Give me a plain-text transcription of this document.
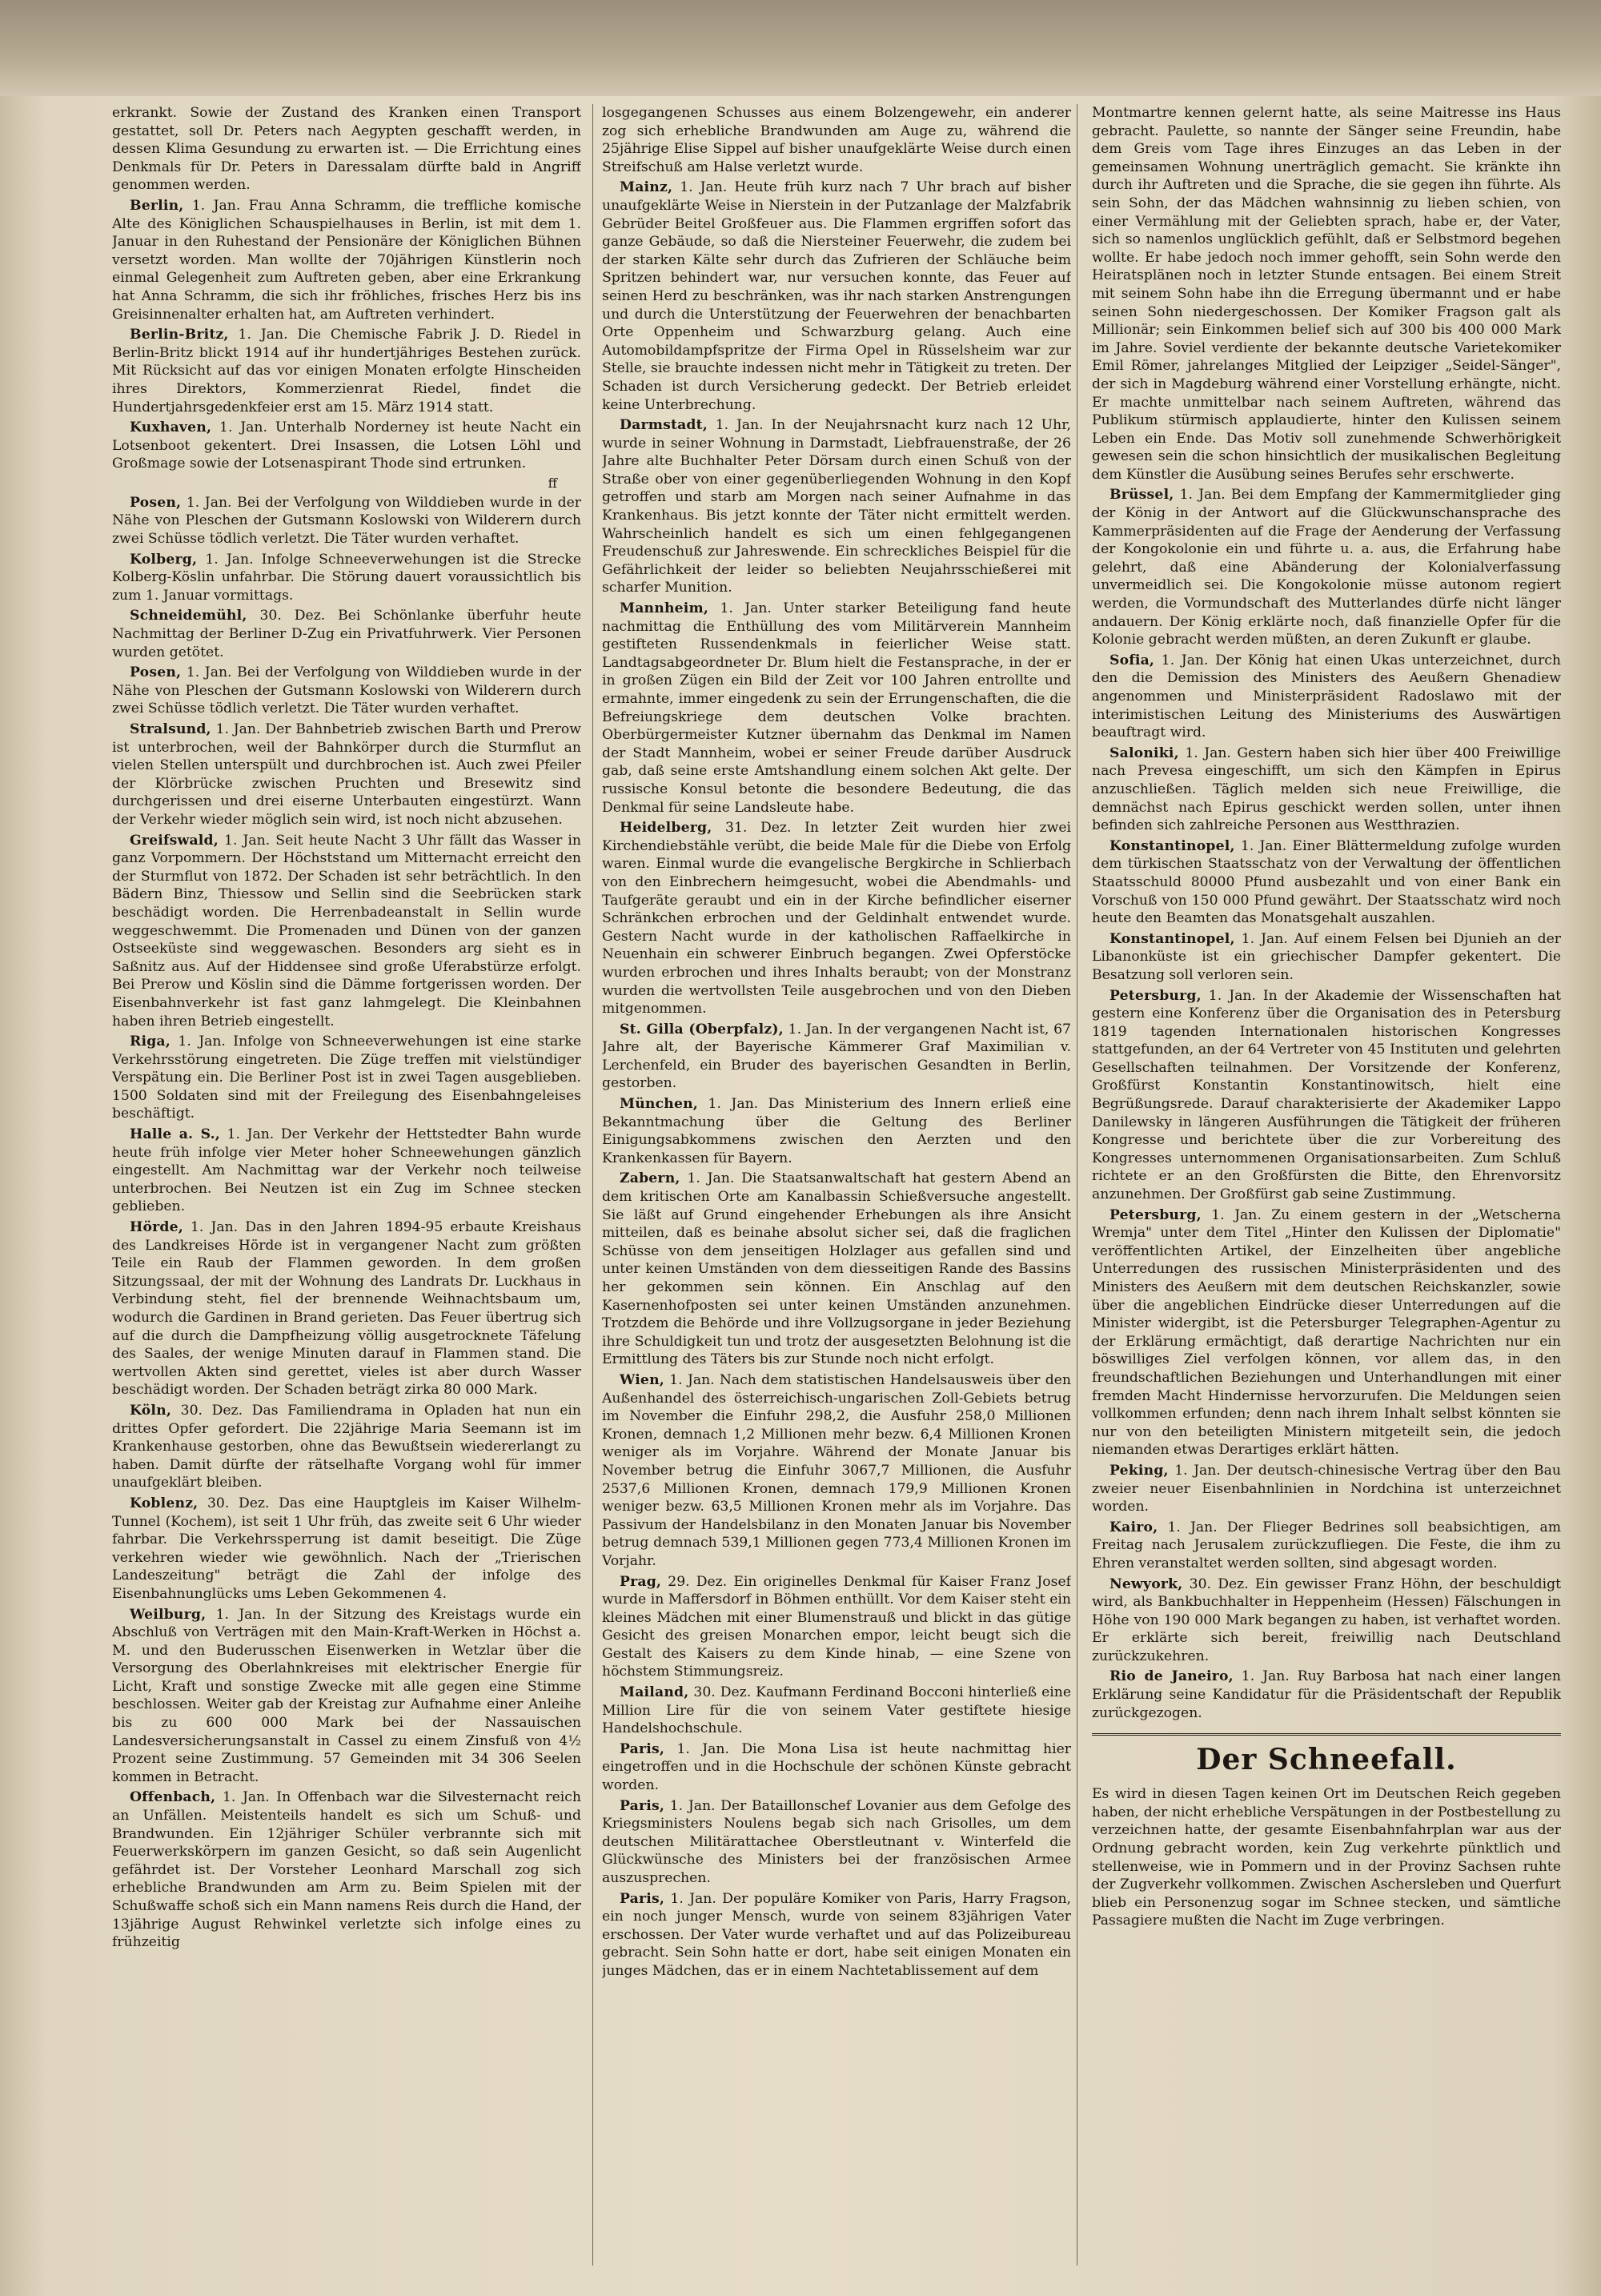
erkrankt. Sowie der Zustand des Kranken einen Transport gestattet, soll Dr. Peters nach Aegypten geschafft werden, in dessen Klima Gesundung zu erwarten ist. — Die Errichtung eines Denkmals für Dr. Peters in Daressalam dürfte bald in Angriff genommen werden.

Berlin, 1. Jan. Frau Anna Schramm, die treffliche komische Alte des Königlichen Schauspielhauses in Berlin, ist mit dem 1. Januar in den Ruhestand der Pensionäre der Königlichen Bühnen versetzt worden. Man wollte der 70jährigen Künstlerin noch einmal Gelegenheit zum Auftreten geben, aber eine Erkrankung hat Anna Schramm, die sich ihr fröhliches, frisches Herz bis ins Greisinnenalter erhalten hat, am Auftreten verhindert.

Berlin-Britz, 1. Jan. Die Chemische Fabrik J. D. Riedel in Berlin-Britz blickt 1914 auf ihr hundertjähriges Bestehen zurück. Mit Rücksicht auf das vor einigen Monaten erfolgte Hinscheiden ihres Direktors, Kommerzienrat Riedel, findet die Hundertjahrsgedenkfeier erst am 15. März 1914 statt.

Kuxhaven, 1. Jan. Unterhalb Norderney ist heute Nacht ein Lotsenboot gekentert. Drei Insassen, die Lotsen Löhl und Großmage sowie der Lotsenaspirant Thode sind ertrunken.

ff

Posen, 1. Jan. Bei der Verfolgung von Wilddieben wurde in der Nähe von Pleschen der Gutsmann Koslowski von Wilderern durch zwei Schüsse tödlich verletzt. Die Täter wurden verhaftet.

Kolberg, 1. Jan. Infolge Schneeverwehungen ist die Strecke Kolberg-Köslin unfahrbar. Die Störung dauert voraussichtlich bis zum 1. Januar vormittags.

Schneidemühl, 30. Dez. Bei Schönlanke überfuhr heute Nachmittag der Berliner D-Zug ein Privatfuhrwerk. Vier Personen wurden getötet.

Posen, 1. Jan. Bei der Verfolgung von Wilddieben wurde in der Nähe von Pleschen der Gutsmann Koslowski von Wilderern durch zwei Schüsse tödlich verletzt. Die Täter wurden verhaftet.

Stralsund, 1. Jan. Der Bahnbetrieb zwischen Barth und Prerow ist unterbrochen, weil der Bahnkörper durch die Sturmflut an vielen Stellen unterspült und durchbrochen ist. Auch zwei Pfeiler der Klörbrücke zwischen Pruchten und Bresewitz sind durchgerissen und drei eiserne Unterbauten eingestürzt. Wann der Verkehr wieder möglich sein wird, ist noch nicht abzusehen.

Greifswald, 1. Jan. Seit heute Nacht 3 Uhr fällt das Wasser in ganz Vorpommern. Der Höchststand um Mitternacht erreicht den der Sturmflut von 1872. Der Schaden ist sehr beträchtlich. In den Bädern Binz, Thiessow und Sellin sind die Seebrücken stark beschädigt worden. Die Herrenbadeanstalt in Sellin wurde weggeschwemmt. Die Promenaden und Dünen von der ganzen Ostseeküste sind weggewaschen. Besonders arg sieht es in Saßnitz aus. Auf der Hiddensee sind große Uferabstürze erfolgt. Bei Prerow und Köslin sind die Dämme fortgerissen worden. Der Eisenbahnverkehr ist fast ganz lahmgelegt. Die Kleinbahnen haben ihren Betrieb eingestellt.

Riga, 1. Jan. Infolge von Schneeverwehungen ist eine starke Verkehrsstörung eingetreten. Die Züge treffen mit vielstündiger Verspätung ein. Die Berliner Post ist in zwei Tagen ausgeblieben. 1500 Soldaten sind mit der Freilegung des Eisenbahngeleises beschäftigt.

Halle a. S., 1. Jan. Der Verkehr der Hettstedter Bahn wurde heute früh infolge vier Meter hoher Schneewehungen gänzlich eingestellt. Am Nachmittag war der Verkehr noch teilweise unterbrochen. Bei Neutzen ist ein Zug im Schnee stecken geblieben.

Hörde, 1. Jan. Das in den Jahren 1894-95 erbaute Kreishaus des Landkreises Hörde ist in vergangener Nacht zum größten Teile ein Raub der Flammen geworden. In dem großen Sitzungssaal, der mit der Wohnung des Landrats Dr. Luckhaus in Verbindung steht, fiel der brennende Weihnachtsbaum um, wodurch die Gardinen in Brand gerieten. Das Feuer übertrug sich auf die durch die Dampfheizung völlig ausgetrocknete Täfelung des Saales, der wenige Minuten darauf in Flammen stand. Die wertvollen Akten sind gerettet, vieles ist aber durch Wasser beschädigt worden. Der Schaden beträgt zirka 80 000 Mark.

Köln, 30. Dez. Das Familiendrama in Opladen hat nun ein drittes Opfer gefordert. Die 22jährige Maria Seemann ist im Krankenhause gestorben, ohne das Bewußtsein wiedererlangt zu haben. Damit dürfte der rätselhafte Vorgang wohl für immer unaufgeklärt bleiben.

Koblenz, 30. Dez. Das eine Hauptgleis im Kaiser Wilhelm-Tunnel (Kochem), ist seit 1 Uhr früh, das zweite seit 6 Uhr wieder fahrbar. Die Verkehrssperrung ist damit beseitigt. Die Züge verkehren wieder wie gewöhnlich. Nach der „Trierischen Landeszeitung" beträgt die Zahl der infolge des Eisenbahnunglücks ums Leben Gekommenen 4.

Weilburg, 1. Jan. In der Sitzung des Kreistags wurde ein Abschluß von Verträgen mit den Main-Kraft-Werken in Höchst a. M. und den Buderusschen Eisenwerken in Wetzlar über die Versorgung des Oberlahnkreises mit elektrischer Energie für Licht, Kraft und sonstige Zwecke mit alle gegen eine Stimme beschlossen. Weiter gab der Kreistag zur Aufnahme einer Anleihe bis zu 600 000 Mark bei der Nassauischen Landesversicherungsanstalt in Cassel zu einem Zinsfuß von 4½ Prozent seine Zustimmung. 57 Gemeinden mit 34 306 Seelen kommen in Betracht.

Offenbach, 1. Jan. In Offenbach war die Silvesternacht reich an Unfällen. Meistenteils handelt es sich um Schuß- und Brandwunden. Ein 12jähriger Schüler verbrannte sich mit Feuerwerkskörpern im ganzen Gesicht, so daß sein Augenlicht gefährdet ist. Der Vorsteher Leonhard Marschall zog sich erhebliche Brandwunden am Arm zu. Beim Spielen mit der Schußwaffe schoß sich ein Mann namens Reis durch die Hand, der 13jährige August Rehwinkel verletzte sich infolge eines zu frühzeitig

losgegangenen Schusses aus einem Bolzengewehr, ein anderer zog sich erhebliche Brandwunden am Auge zu, während die 25jährige Elise Sippel auf bisher unaufgeklärte Weise durch einen Streifschuß am Halse verletzt wurde.

Mainz, 1. Jan. Heute früh kurz nach 7 Uhr brach auf bisher unaufgeklärte Weise in Nierstein in der Putzanlage der Malzfabrik Gebrüder Beitel Großfeuer aus. Die Flammen ergriffen sofort das ganze Gebäude, so daß die Niersteiner Feuerwehr, die zudem bei der starken Kälte sehr durch das Zufrieren der Schläuche beim Spritzen behindert war, nur versuchen konnte, das Feuer auf seinen Herd zu beschränken, was ihr nach starken Anstrengungen und durch die Unterstützung der Feuerwehren der benachbarten Orte Oppenheim und Schwarzburg gelang. Auch eine Automobildampfspritze der Firma Opel in Rüsselsheim war zur Stelle, sie brauchte indessen nicht mehr in Tätigkeit zu treten. Der Schaden ist durch Versicherung gedeckt. Der Betrieb erleidet keine Unterbrechung.

Darmstadt, 1. Jan. In der Neujahrsnacht kurz nach 12 Uhr, wurde in seiner Wohnung in Darmstadt, Liebfrauenstraße, der 26 Jahre alte Buchhalter Peter Dörsam durch einen Schuß von der Straße ober von einer gegenüberliegenden Wohnung in den Kopf getroffen und starb am Morgen nach seiner Aufnahme in das Krankenhaus. Bis jetzt konnte der Täter nicht ermittelt werden. Wahrscheinlich handelt es sich um einen fehlgegangenen Freudenschuß zur Jahreswende. Ein schreckliches Beispiel für die Gefährlichkeit der leider so beliebten Neujahrsschießerei mit scharfer Munition.

Mannheim, 1. Jan. Unter starker Beteiligung fand heute nachmittag die Enthüllung des vom Militärverein Mannheim gestifteten Russendenkmals in feierlicher Weise statt. Landtagsabgeordneter Dr. Blum hielt die Festansprache, in der er in großen Zügen ein Bild der Zeit vor 100 Jahren entrollte und ermahnte, immer eingedenk zu sein der Errungenschaften, die die Befreiungskriege dem deutschen Volke brachten. Oberbürgermeister Kutzner übernahm das Denkmal im Namen der Stadt Mannheim, wobei er seiner Freude darüber Ausdruck gab, daß seine erste Amtshandlung einem solchen Akt gelte. Der russische Konsul betonte die besondere Bedeutung, die das Denkmal für seine Landsleute habe.

Heidelberg, 31. Dez. In letzter Zeit wurden hier zwei Kirchendiebstähle verübt, die beide Male für die Diebe von Erfolg waren. Einmal wurde die evangelische Bergkirche in Schlierbach von den Einbrechern heimgesucht, wobei die Abendmahls- und Taufgeräte geraubt und ein in der Kirche befindlicher eiserner Schränkchen erbrochen und der Geldinhalt entwendet wurde. Gestern Nacht wurde in der katholischen Raffaelkirche in Neuenhain ein schwerer Einbruch begangen. Zwei Opferstöcke wurden erbrochen und ihres Inhalts beraubt; von der Monstranz wurden die wertvollsten Teile ausgebrochen und von den Dieben mitgenommen.

St. Gilla (Oberpfalz), 1. Jan. In der vergangenen Nacht ist, 67 Jahre alt, der Bayerische Kämmerer Graf Maximilian v. Lerchenfeld, ein Bruder des bayerischen Gesandten in Berlin, gestorben.

München, 1. Jan. Das Ministerium des Innern erließ eine Bekanntmachung über die Geltung des Berliner Einigungsabkommens zwischen den Aerzten und den Krankenkassen für Bayern.

Zabern, 1. Jan. Die Staatsanwaltschaft hat gestern Abend an dem kritischen Orte am Kanalbassin Schießversuche angestellt. Sie läßt auf Grund eingehender Erhebungen als ihre Ansicht mitteilen, daß es beinahe absolut sicher sei, daß die fraglichen Schüsse von dem jenseitigen Holzlager aus gefallen sind und unter keinen Umständen von dem diesseitigen Rande des Bassins her gekommen sein können. Ein Anschlag auf den Kasernenhofposten sei unter keinen Umständen anzunehmen. Trotzdem die Behörde und ihre Vollzugsorgane in jeder Beziehung ihre Schuldigkeit tun und trotz der ausgesetzten Belohnung ist die Ermittlung des Täters bis zur Stunde noch nicht erfolgt.

Wien, 1. Jan. Nach dem statistischen Handelsausweis über den Außenhandel des österreichisch-ungarischen Zoll-Gebiets betrug im November die Einfuhr 298,2, die Ausfuhr 258,0 Millionen Kronen, demnach 1,2 Millionen mehr bezw. 6,4 Millionen Kronen weniger als im Vorjahre. Während der Monate Januar bis November betrug die Einfuhr 3067,7 Millionen, die Ausfuhr 2537,6 Millionen Kronen, demnach 179,9 Millionen Kronen weniger bezw. 63,5 Millionen Kronen mehr als im Vorjahre. Das Passivum der Handelsbilanz in den Monaten Januar bis November betrug demnach 539,1 Millionen gegen 773,4 Millionen Kronen im Vorjahr.

Prag, 29. Dez. Ein originelles Denkmal für Kaiser Franz Josef wurde in Maffersdorf in Böhmen enthüllt. Vor dem Kaiser steht ein kleines Mädchen mit einer Blumenstrauß und blickt in das gütige Gesicht des greisen Monarchen empor, leicht beugt sich die Gestalt des Kaisers zu dem Kinde hinab, — eine Szene von höchstem Stimmungsreiz.

Mailand, 30. Dez. Kaufmann Ferdinand Bocconi hinterließ eine Million Lire für die von seinem Vater gestiftete hiesige Handelshochschule.

Paris, 1. Jan. Die Mona Lisa ist heute nachmittag hier eingetroffen und in die Hochschule der schönen Künste gebracht worden.

Paris, 1. Jan. Der Bataillonschef Lovanier aus dem Gefolge des Kriegsministers Noulens begab sich nach Grisolles, um dem deutschen Militärattachee Oberstleutnant v. Winterfeld die Glückwünsche des Ministers bei der französischen Armee auszusprechen.

Paris, 1. Jan. Der populäre Komiker von Paris, Harry Fragson, ein noch junger Mensch, wurde von seinem 83jährigen Vater erschossen. Der Vater wurde verhaftet und auf das Polizeibureau gebracht. Sein Sohn hatte er dort, habe seit einigen Monaten ein junges Mädchen, das er in einem Nachtetablissement auf dem

Montmartre kennen gelernt hatte, als seine Maitresse ins Haus gebracht. Paulette, so nannte der Sänger seine Freundin, habe dem Greis vom Tage ihres Einzuges an das Leben in der gemeinsamen Wohnung unerträglich gemacht. Sie kränkte ihn durch ihr Auftreten und die Sprache, die sie gegen ihn führte. Als sein Sohn, der das Mädchen wahnsinnig zu lieben schien, von einer Vermählung mit der Geliebten sprach, habe er, der Vater, sich so namenlos unglücklich gefühlt, daß er Selbstmord begehen wollte. Er habe jedoch noch immer gehofft, sein Sohn werde den Heiratsplänen noch in letzter Stunde entsagen. Bei einem Streit mit seinem Sohn habe ihn die Erregung übermannt und er habe seinen Sohn niedergeschossen. Der Komiker Fragson galt als Millionär; sein Einkommen belief sich auf 300 bis 400 000 Mark im Jahre. Soviel verdiente der bekannte deutsche Varietekomiker Emil Römer, jahrelanges Mitglied der Leipziger „Seidel-Sänger", der sich in Magdeburg während einer Vorstellung erhängte, nicht. Er machte unmittelbar nach seinem Auftreten, während das Publikum stürmisch applaudierte, hinter den Kulissen seinem Leben ein Ende. Das Motiv soll zunehmende Schwerhörigkeit gewesen sein die schon hinsichtlich der musikalischen Begleitung dem Künstler die Ausübung seines Berufes sehr erschwerte.

Brüssel, 1. Jan. Bei dem Empfang der Kammermitglieder ging der König in der Antwort auf die Glückwunschansprache des Kammerpräsidenten auf die Frage der Aenderung der Verfassung der Kongokolonie ein und führte u. a. aus, die Erfahrung habe gelehrt, daß eine Abänderung der Kolonialverfassung unvermeidlich sei. Die Kongokolonie müsse autonom regiert werden, die Vormundschaft des Mutterlandes dürfe nicht länger andauern. Der König erklärte noch, daß finanzielle Opfer für die Kolonie gebracht werden müßten, an deren Zukunft er glaube.

Sofia, 1. Jan. Der König hat einen Ukas unterzeichnet, durch den die Demission des Ministers des Aeußern Ghenadiew angenommen und Ministerpräsident Radoslawo mit der interimistischen Leitung des Ministeriums des Auswärtigen beauftragt wird.

Saloniki, 1. Jan. Gestern haben sich hier über 400 Freiwillige nach Prevesa eingeschifft, um sich den Kämpfen in Epirus anzuschließen. Täglich melden sich neue Freiwillige, die demnächst nach Epirus geschickt werden sollen, unter ihnen befinden sich zahlreiche Personen aus Westthrazien.

Konstantinopel, 1. Jan. Einer Blättermeldung zufolge wurden dem türkischen Staatsschatz von der Verwaltung der öffentlichen Staatsschuld 80000 Pfund ausbezahlt und von einer Bank ein Vorschuß von 150 000 Pfund gewährt. Der Staatsschatz wird noch heute den Beamten das Monatsgehalt auszahlen.

Konstantinopel, 1. Jan. Auf einem Felsen bei Djunieh an der Libanonküste ist ein griechischer Dampfer gekentert. Die Besatzung soll verloren sein.

Petersburg, 1. Jan. In der Akademie der Wissenschaften hat gestern eine Konferenz über die Organisation des in Petersburg 1819 tagenden Internationalen historischen Kongresses stattgefunden, an der 64 Vertreter von 45 Instituten und gelehrten Gesellschaften teilnahmen. Der Vorsitzende der Konferenz, Großfürst Konstantin Konstantinowitsch, hielt eine Begrüßungsrede. Darauf charakterisierte der Akademiker Lappo Danilewsky in längeren Ausführungen die Tätigkeit der früheren Kongresse und berichtete über die zur Vorbereitung des Kongresses unternommenen Organisationsarbeiten. Zum Schluß richtete er an den Großfürsten die Bitte, den Ehrenvorsitz anzunehmen. Der Großfürst gab seine Zustimmung.

Petersburg, 1. Jan. Zu einem gestern in der „Wetscherna Wremja" unter dem Titel „Hinter den Kulissen der Diplomatie" veröffentlichten Artikel, der Einzelheiten über angebliche Unterredungen des russischen Ministerpräsidenten und des Ministers des Aeußern mit dem deutschen Reichskanzler, sowie über die angeblichen Eindrücke dieser Unterredungen auf die Minister widergibt, ist die Petersburger Telegraphen-Agentur zu der Erklärung ermächtigt, daß derartige Nachrichten nur ein böswilliges Ziel verfolgen können, vor allem das, in den freundschaftlichen Beziehungen und Unterhandlungen mit einer fremden Macht Hindernisse hervorzurufen. Die Meldungen seien vollkommen erfunden; denn nach ihrem Inhalt selbst könnten sie nur von den beteiligten Ministern mitgeteilt sein, die jedoch niemanden etwas Derartiges erklärt hätten.

Peking, 1. Jan. Der deutsch-chinesische Vertrag über den Bau zweier neuer Eisenbahnlinien in Nordchina ist unterzeichnet worden.

Kairo, 1. Jan. Der Flieger Bedrines soll beabsichtigen, am Freitag nach Jerusalem zurückzufliegen. Die Feste, die ihm zu Ehren veranstaltet werden sollten, sind abgesagt worden.

Newyork, 30. Dez. Ein gewisser Franz Höhn, der beschuldigt wird, als Bankbuchhalter in Heppenheim (Hessen) Fälschungen in Höhe von 190 000 Mark begangen zu haben, ist verhaftet worden. Er erklärte sich bereit, freiwillig nach Deutschland zurückzukehren.

Rio de Janeiro, 1. Jan. Ruy Barbosa hat nach einer langen Erklärung seine Kandidatur für die Präsidentschaft der Republik zurückgezogen.

Der Schneefall.

Es wird in diesen Tagen keinen Ort im Deutschen Reich gegeben haben, der nicht erhebliche Verspätungen in der Postbestellung zu verzeichnen hatte, der gesamte Eisenbahnfahrplan war aus der Ordnung gebracht worden, kein Zug verkehrte pünktlich und stellenweise, wie in Pommern und in der Provinz Sachsen ruhte der Zugverkehr vollkommen. Zwischen Aschersleben und Querfurt blieb ein Personenzug sogar im Schnee stecken, und sämtliche Passagiere mußten die Nacht im Zuge verbringen.
